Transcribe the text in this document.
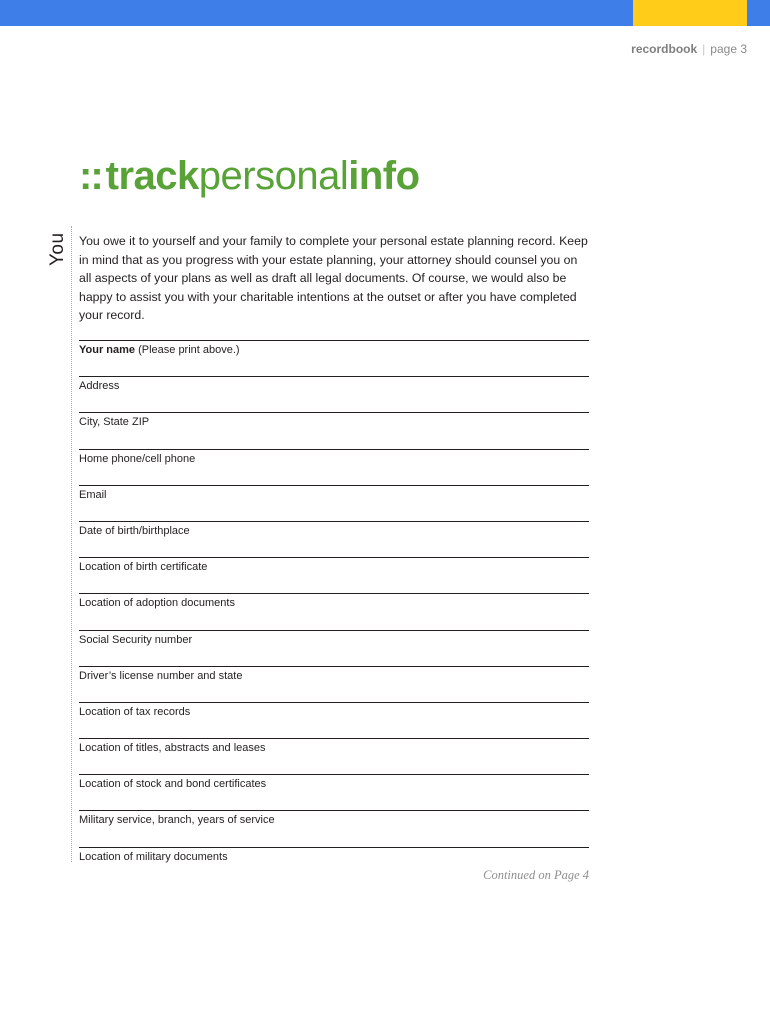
recordbook | page 3
You
:: trackpersonalinfo
You owe it to yourself and your family to complete your personal estate planning record. Keep in mind that as you progress with your estate planning, your attorney should counsel you on all aspects of your plans as well as draft all legal documents. Of course, we would also be happy to assist you with your charitable intentions at the outset or after you have completed your record.
Your name (Please print above.)
Address
City, State ZIP
Home phone/cell phone
Email
Date of birth/birthplace
Location of birth certificate
Location of adoption documents
Social Security number
Driver’s license number and state
Location of tax records
Location of titles, abstracts and leases
Location of stock and bond certificates
Military service, branch, years of service
Location of military documents
Continued on Page 4
